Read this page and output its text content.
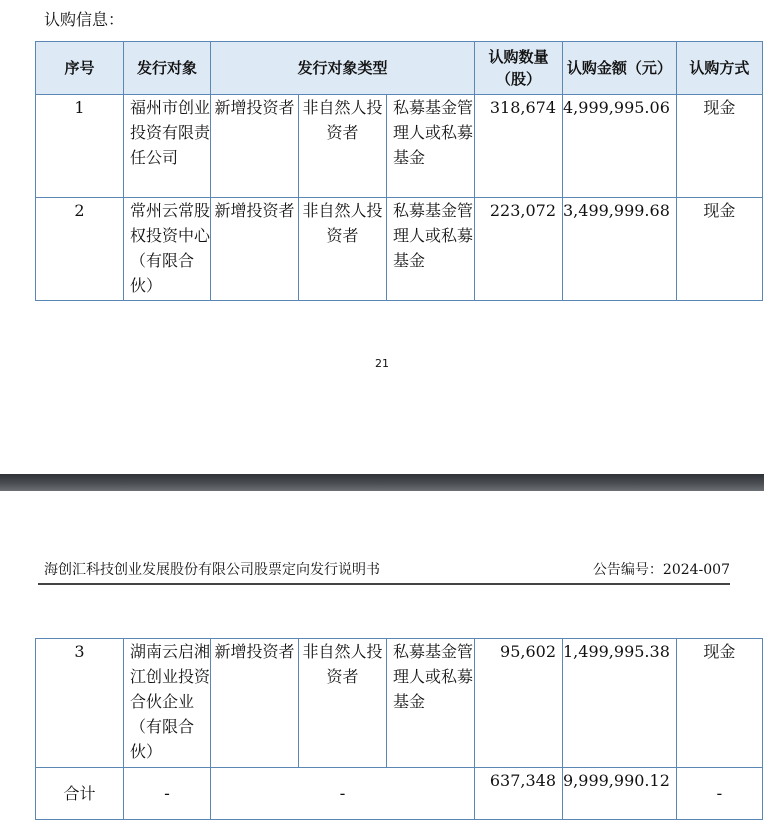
认购信息：
序号	发行对象	发行对象类型			认购数量（股）	认购金额（元）	认购方式
1	福州市创业投资有限责任公司	新增投资者	非自然人投资者	私募基金管理人或私募基金	318,674	4,999,995.06	现金
2	常州云常股权投资中心（有限合伙）	新增投资者	非自然人投资者	私募基金管理人或私募基金	223,072	3,499,999.68	现金
21
海创汇科技创业发展股份有限公司股票定向发行说明书	公告编号：2024-007
3	湖南云启湘江创业投资合伙企业（有限合伙）	新增投资者	非自然人投资者	私募基金管理人或私募基金	95,602	1,499,995.38	现金
合计	-	-			637,348	9,999,990.12	-
